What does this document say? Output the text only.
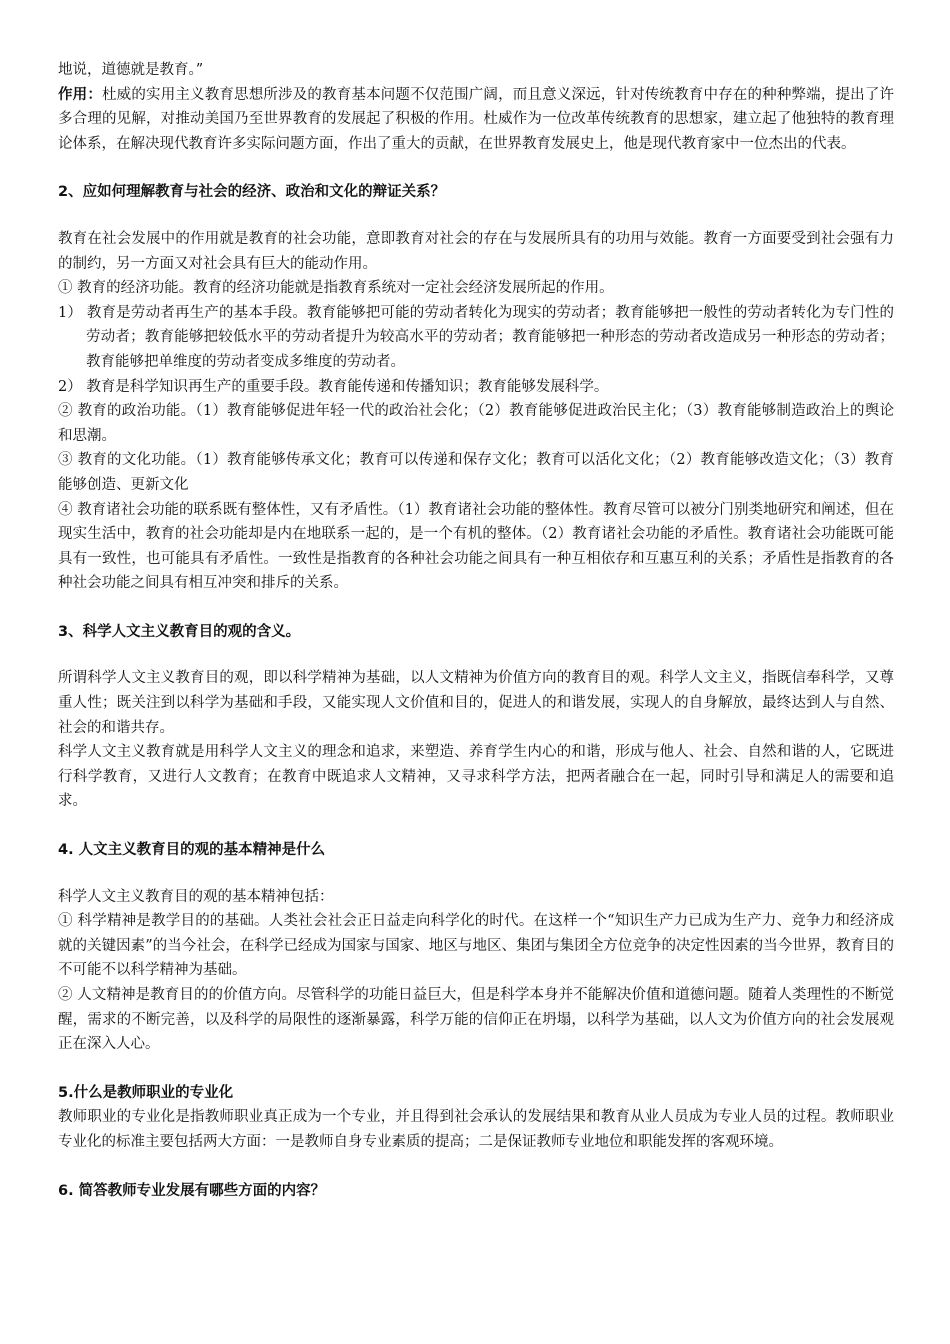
地说，道德就是教育。”

作用：杜威的实用主义教育思想所涉及的教育基本问题不仅范围广阔，而且意义深远，针对传统教育中存在的种种弊端，提出了许多合理的见解，对推动美国乃至世界教育的发展起了积极的作用。杜威作为一位改革传统教育的思想家，建立起了他独特的教育理论体系，在解决现代教育许多实际问题方面，作出了重大的贡献，在世界教育发展史上，他是现代教育家中一位杰出的代表。

2、应如何理解教育与社会的经济、政治和文化的辩证关系？

教育在社会发展中的作用就是教育的社会功能，意即教育对社会的存在与发展所具有的功用与效能。教育一方面要受到社会强有力的制约，另一方面又对社会具有巨大的能动作用。

① 教育的经济功能。教育的经济功能就是指教育系统对一定社会经济发展所起的作用。

1） 教育是劳动者再生产的基本手段。教育能够把可能的劳动者转化为现实的劳动者；教育能够把一般性的劳动者转化为专门性的劳动者；教育能够把较低水平的劳动者提升为较高水平的劳动者；教育能够把一种形态的劳动者改造成另一种形态的劳动者；教育能够把单维度的劳动者变成多维度的劳动者。

2） 教育是科学知识再生产的重要手段。教育能传递和传播知识；教育能够发展科学。

② 教育的政治功能。（1）教育能够促进年轻一代的政治社会化；（2）教育能够促进政治民主化；（3）教育能够制造政治上的舆论和思潮。

③ 教育的文化功能。（1）教育能够传承文化；教育可以传递和保存文化；教育可以活化文化；（2）教育能够改造文化；（3）教育能够创造、更新文化

④ 教育诸社会功能的联系既有整体性，又有矛盾性。（1）教育诸社会功能的整体性。教育尽管可以被分门别类地研究和阐述，但在现实生活中，教育的社会功能却是内在地联系一起的，是一个有机的整体。（2）教育诸社会功能的矛盾性。教育诸社会功能既可能具有一致性，也可能具有矛盾性。一致性是指教育的各种社会功能之间具有一种互相依存和互惠互利的关系；矛盾性是指教育的各种社会功能之间具有相互冲突和排斥的关系。

3、科学人文主义教育目的观的含义。

所谓科学人文主义教育目的观，即以科学精神为基础，以人文精神为价值方向的教育目的观。科学人文主义，指既信奉科学，又尊重人性；既关注到以科学为基础和手段，又能实现人文价值和目的，促进人的和谐发展，实现人的自身解放，最终达到人与自然、社会的和谐共存。

科学人文主义教育就是用科学人文主义的理念和追求，来塑造、养育学生内心的和谐，形成与他人、社会、自然和谐的人，它既进行科学教育，又进行人文教育；在教育中既追求人文精神，又寻求科学方法，把两者融合在一起，同时引导和满足人的需要和追求。

4. 人文主义教育目的观的基本精神是什么

科学人文主义教育目的观的基本精神包括：

① 科学精神是教学目的的基础。人类社会社会正日益走向科学化的时代。在这样一个“知识生产力已成为生产力、竞争力和经济成就的关键因素”的当今社会，在科学已经成为国家与国家、地区与地区、集团与集团全方位竞争的决定性因素的当今世界，教育目的不可能不以科学精神为基础。

② 人文精神是教育目的的价值方向。尽管科学的功能日益巨大，但是科学本身并不能解决价值和道德问题。随着人类理性的不断觉醒，需求的不断完善，以及科学的局限性的逐渐暴露，科学万能的信仰正在坍塌，以科学为基础，以人文为价值方向的社会发展观正在深入人心。

5.什么是教师职业的专业化

教师职业的专业化是指教师职业真正成为一个专业，并且得到社会承认的发展结果和教育从业人员成为专业人员的过程。教师职业专业化的标准主要包括两大方面：一是教师自身专业素质的提高；二是保证教师专业地位和职能发挥的客观环境。

6. 简答教师专业发展有哪些方面的内容？
